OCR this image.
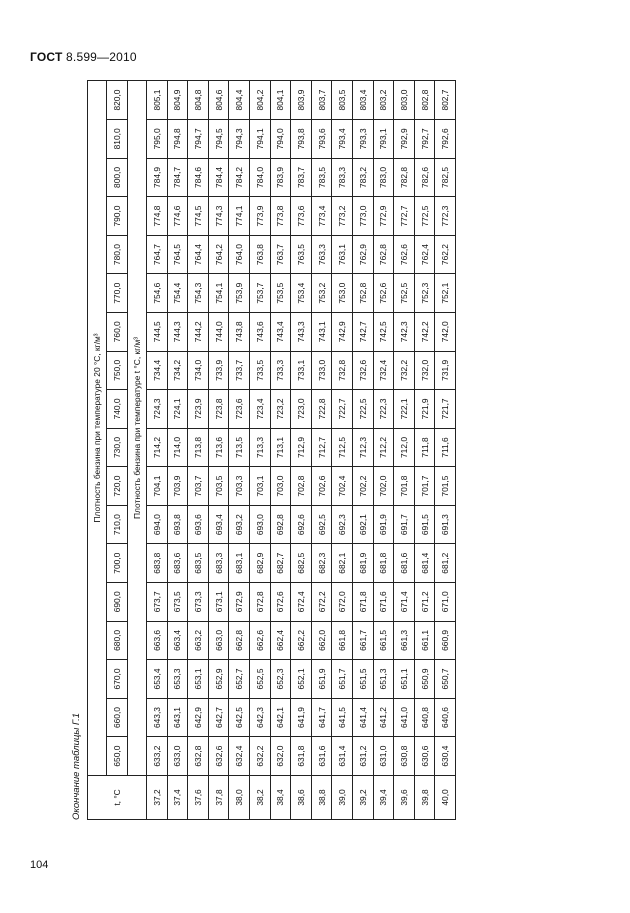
ГОСТ 8.599—2010
Окончание таблицы Г.1	t, °C	Плотность бензина при температуре 20 °С, кг/м³																	
	650,0	660,0	670,0	680,0	690,0	700,0	710,0	720,0	730,0	740,0	750,0	760,0	770,0	780,0	790,0	800,0	810,0	820,0
	Плотность бензина при температуре t °С, кг/м³																	
37,2	633,2	643,3	653,4	663,6	673,7	683,8	694,0	704,1	714,2	724,3	734,4	744,5	754,6	764,7	774,8	784,9	795,0	805,1
37,4	633,0	643,1	653,3	663,4	673,5	683,6	693,8	703,9	714,0	724,1	734,2	744,3	754,4	764,5	774,6	784,7	794,8	804,9
37,6	632,8	642,9	653,1	663,2	673,3	683,5	693,6	703,7	713,8	723,9	734,0	744,2	754,3	764,4	774,5	784,6	794,7	804,8
37,8	632,6	642,7	652,9	663,0	673,1	683,3	693,4	703,5	713,6	723,8	733,9	744,0	754,1	764,2	774,3	784,4	794,5	804,6
38,0	632,4	642,5	652,7	662,8	672,9	683,1	693,2	703,3	713,5	723,6	733,7	743,8	753,9	764,0	774,1	784,2	794,3	804,4
38,2	632,2	642,3	652,5	662,6	672,8	682,9	693,0	703,1	713,3	723,4	733,5	743,6	753,7	763,8	773,9	784,0	794,1	804,2
38,4	632,0	642,1	652,3	662,4	672,6	682,7	692,8	703,0	713,1	723,2	733,3	743,4	753,5	763,7	773,8	783,9	794,0	804,1
38,6	631,8	641,9	652,1	662,2	672,4	682,5	692,6	702,8	712,9	723,0	733,1	743,3	753,4	763,5	773,6	783,7	793,8	803,9
38,8	631,6	641,7	651,9	662,0	672,2	682,3	692,5	702,6	712,7	722,8	733,0	743,1	753,2	763,3	773,4	783,5	793,6	803,7
39,0	631,4	641,5	651,7	661,8	672,0	682,1	692,3	702,4	712,5	722,7	732,8	742,9	753,0	763,1	773,2	783,3	793,4	803,5
39,2	631,2	641,4	651,5	661,7	671,8	681,9	692,1	702,2	712,3	722,5	732,6	742,7	752,8	762,9	773,0	783,2	793,3	803,4
39,4	631,0	641,2	651,3	661,5	671,6	681,8	691,9	702,0	712,2	722,3	732,4	742,5	752,6	762,8	772,9	783,0	793,1	803,2
39,6	630,8	641,0	651,1	661,3	671,4	681,6	691,7	701,8	712,0	722,1	732,2	742,3	752,5	762,6	772,7	782,8	792,9	803,0
39,8	630,6	640,8	650,9	661,1	671,2	681,4	691,5	701,7	711,8	721,9	732,0	742,2	752,3	762,4	772,5	782,6	792,7	802,8
40,0	630,4	640,6	650,7	660,9	671,0	681,2	691,3	701,5	711,6	721,7	731,9	742,0	752,1	762,2	772,3	782,5	792,6	802,7
104
